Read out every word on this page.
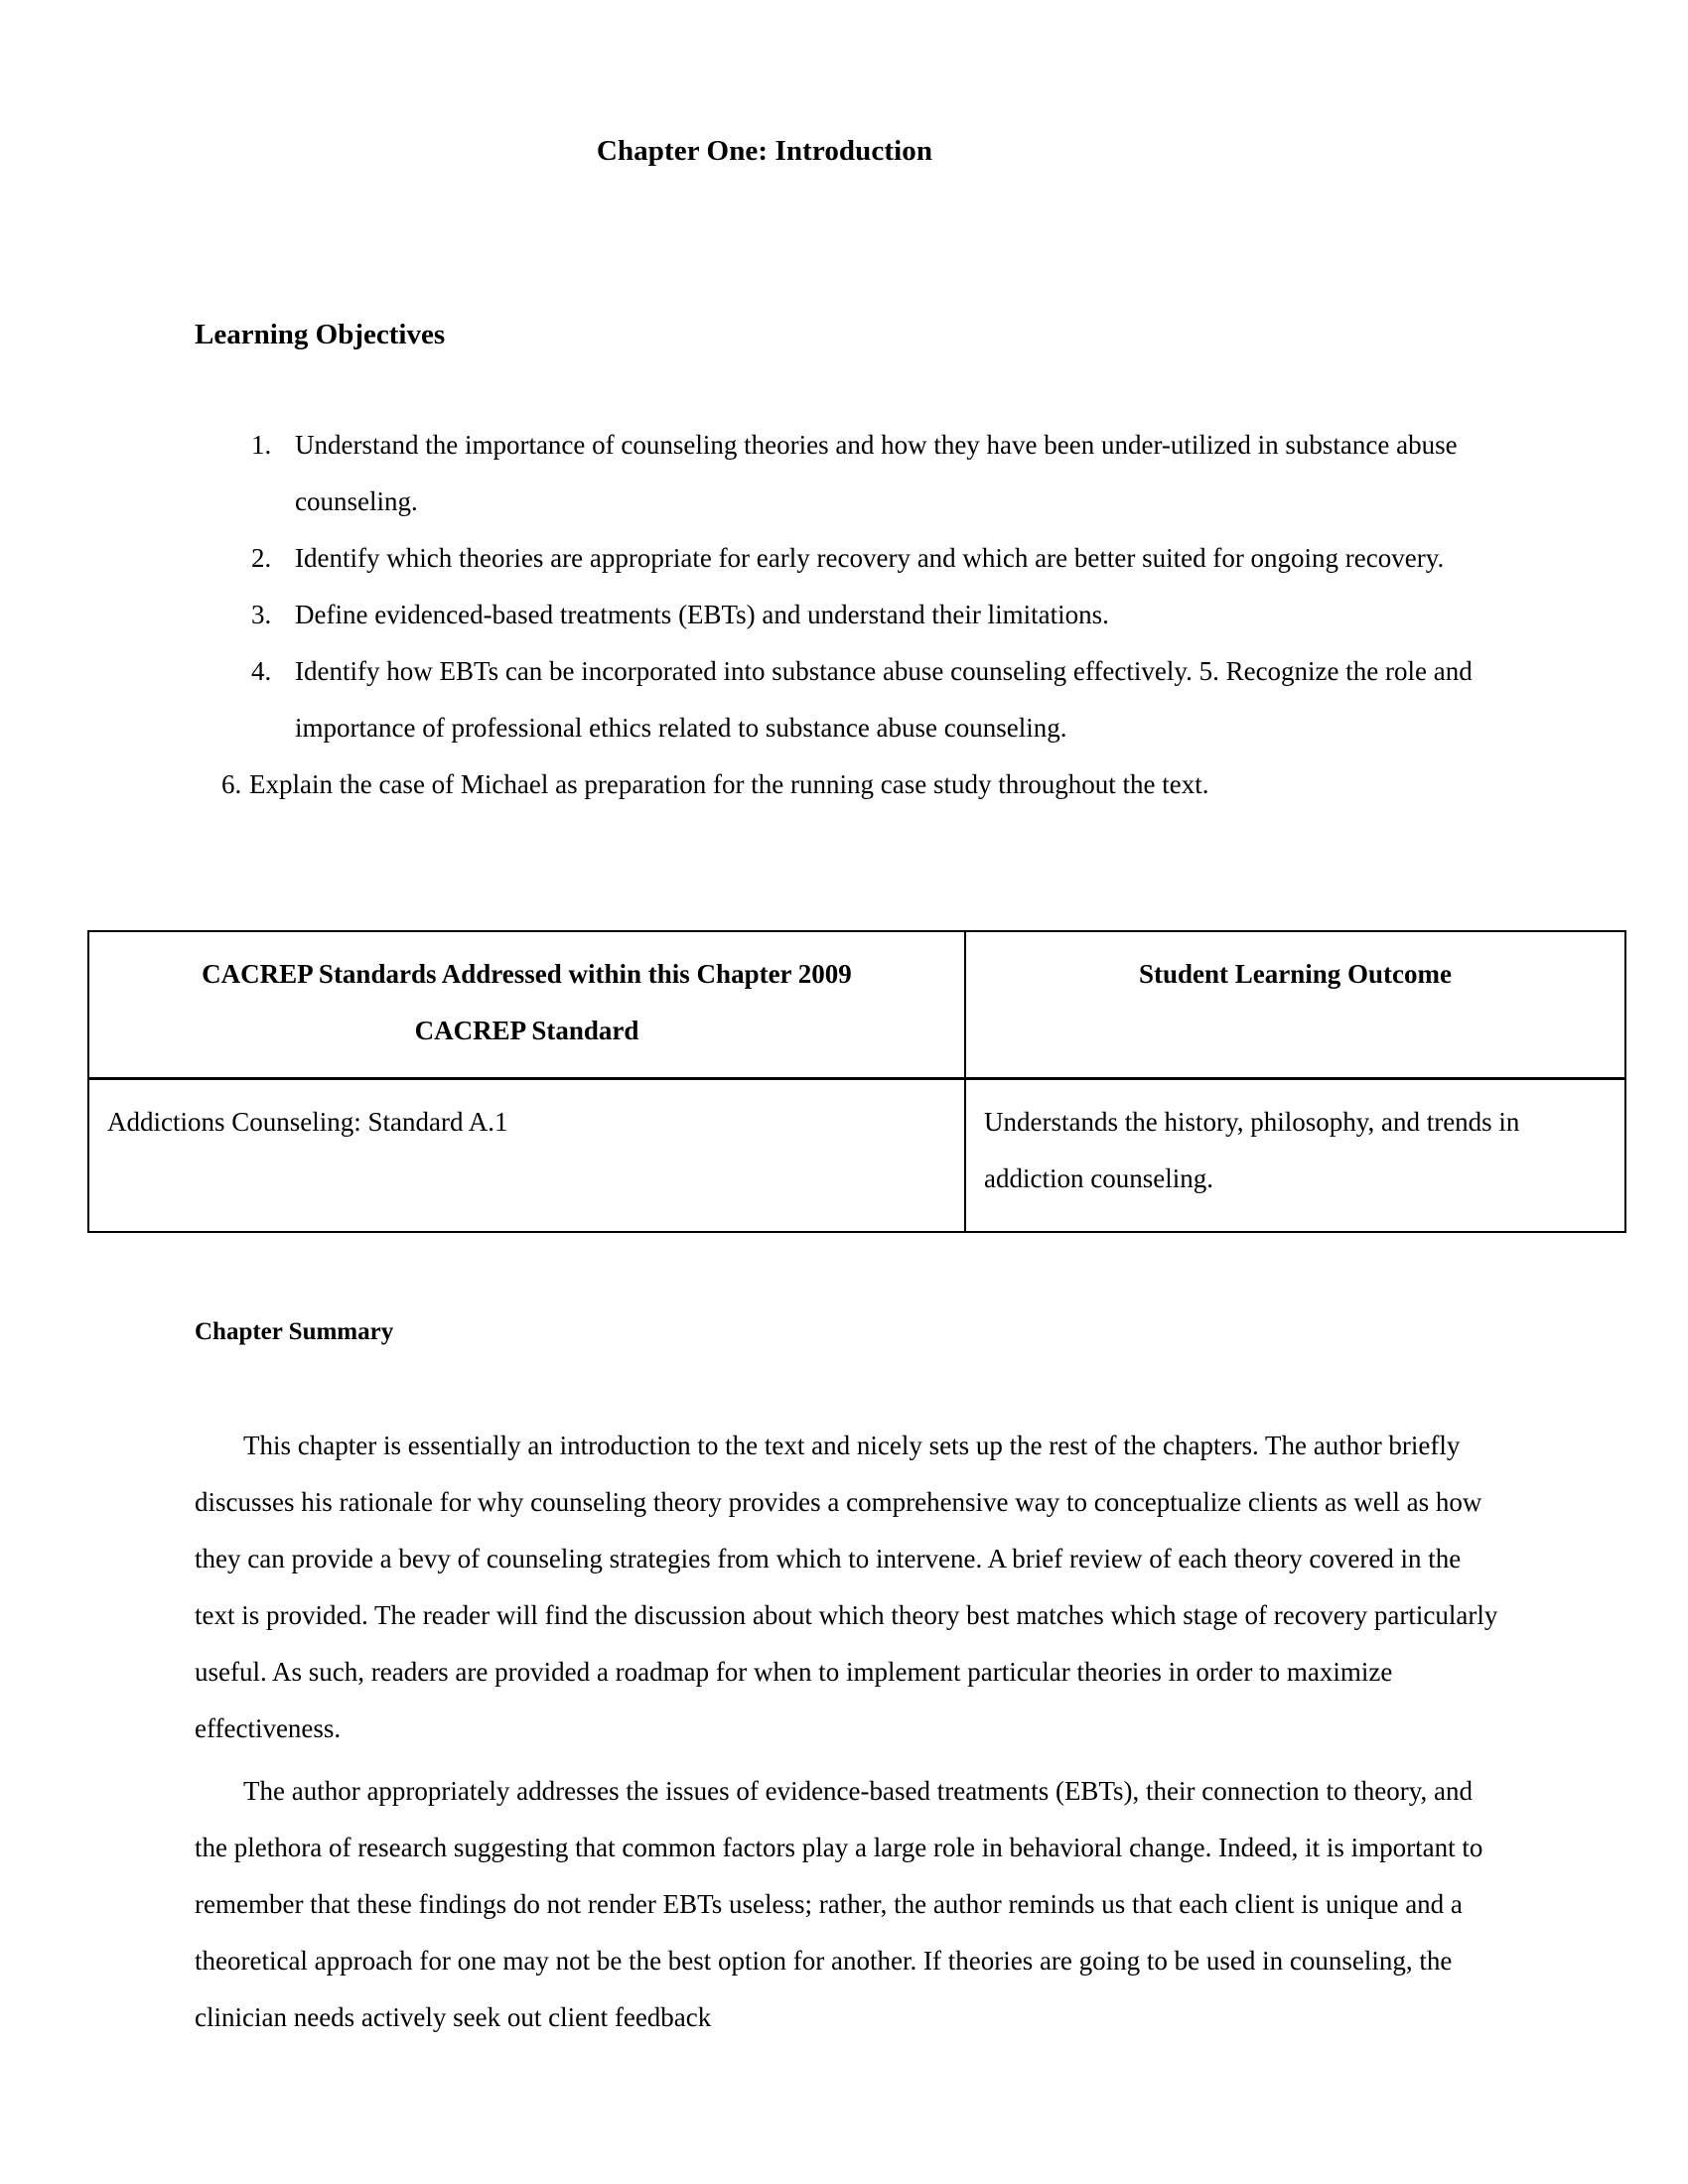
Chapter One: Introduction
Learning Objectives
1. Understand the importance of counseling theories and how they have been under-utilized in substance abuse counseling.
2. Identify which theories are appropriate for early recovery and which are better suited for ongoing recovery.
3. Define evidenced-based treatments (EBTs) and understand their limitations.
4. Identify how EBTs can be incorporated into substance abuse counseling effectively. 5. Recognize the role and importance of professional ethics related to substance abuse counseling.
6. Explain the case of Michael as preparation for the running case study throughout the text.
CACREP Standards Addressed within this Chapter 2009
CACREP Standard	Student Learning Outcome

Addictions Counseling: Standard A.1	Understands the history, philosophy, and trends in addiction counseling.
Chapter Summary

This chapter is essentially an introduction to the text and nicely sets up the rest of the chapters. The author briefly discusses his rationale for why counseling theory provides a comprehensive way to conceptualize clients as well as how they can provide a bevy of counseling strategies from which to intervene. A brief review of each theory covered in the text is provided. The reader will find the discussion about which theory best matches which stage of recovery particularly useful. As such, readers are provided a roadmap for when to implement particular theories in order to maximize effectiveness.

The author appropriately addresses the issues of evidence-based treatments (EBTs), their connection to theory, and the plethora of research suggesting that common factors play a large role in behavioral change. Indeed, it is important to remember that these findings do not render EBTs useless; rather, the author reminds us that each client is unique and a theoretical approach for one may not be the best option for another. If theories are going to be used in counseling, the clinician needs actively seek out client feedback
